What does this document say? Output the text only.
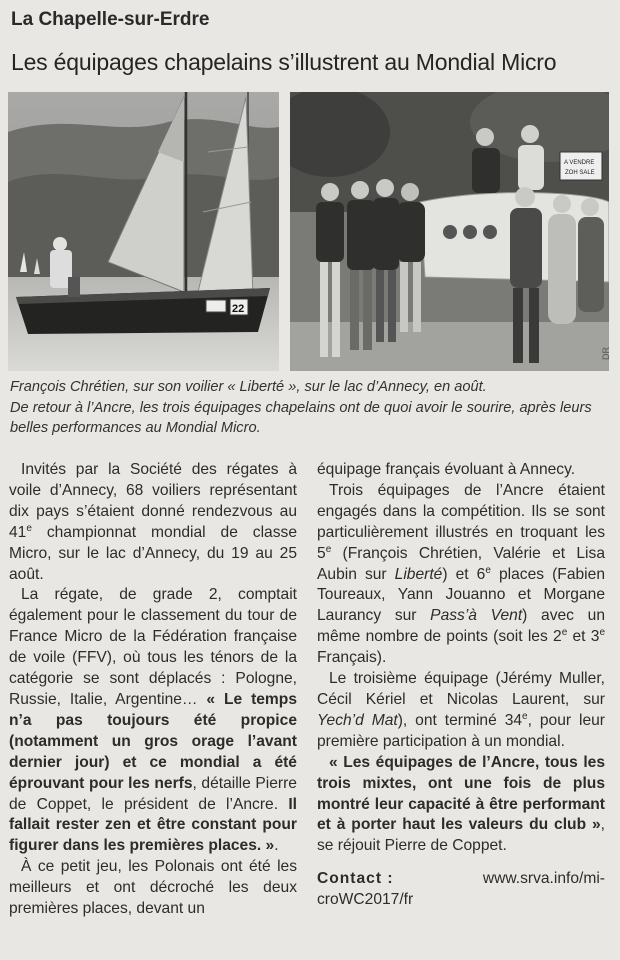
La Chapelle-sur-Erdre
Les équipages chapelains s’illustrent au Mondial Micro
22
A VENDRE
ZOH SALE
DR

François Chrétien, sur son voilier « Liberté », sur le lac d’Annecy, en août.

De retour à l’Ancre, les trois équipages chapelains ont de quoi avoir le sourire, après leurs belles performances au Mondial Micro.

Invités par la Société des régates à voile d’Annecy, 68 voiliers représentant dix pays s’étaient donné rendezvous au 41e championnat mondial de classe Micro, sur le lac d’Annecy, du 19 au 25 août.

La régate, de grade 2, comptait également pour le classement du tour de France Micro de la Fédération française de voile (FFV), où tous les ténors de la catégorie se sont déplacés : Pologne, Russie, Italie, Argentine… « Le temps n’a pas toujours été propice (notamment un gros orage l’avant dernier jour) et ce mondial a été éprouvant pour les nerfs, détaille Pierre de Coppet, le président de l’Ancre. Il fallait rester zen et être constant pour figurer dans les premières places. ».

À ce petit jeu, les Polonais ont été les meilleurs et ont décroché les deux premières places, devant un

équipage français évoluant à Annecy.

Trois équipages de l’Ancre étaient engagés dans la compétition. Ils se sont particulièrement illustrés en troquant les 5e (François Chrétien, Valérie et Lisa Aubin sur Liberté) et 6e places (Fabien Toureaux, Yann Jouanno et Morgane Laurancy sur Pass’à Vent) avec un même nombre de points (soit les 2e et 3e Français).

Le troisième équipage (Jérémy Muller, Cécil Kériel et Nicolas Laurent, sur Yech’d Mat), ont terminé 34e, pour leur première participation à un mondial.

« Les équipages de l’Ancre, tous les trois mixtes, ont une fois de plus montré leur capacité à être performant et à porter haut les valeurs du club », se réjouit Pierre de Coppet.

Contact :	www.srva.info/mi-
croWC2017/fr
